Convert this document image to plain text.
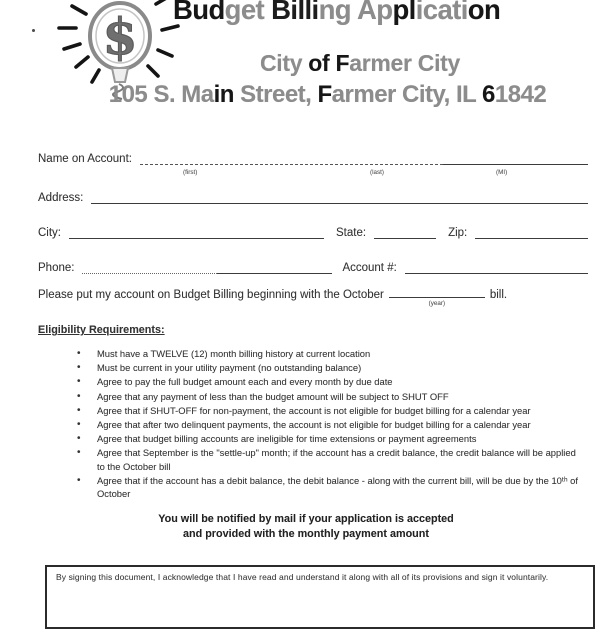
$ Budget Billing Application
City of Farmer City
105 S. Main Street, Farmer City, IL 61842
Name on Account:
(first)	(last)	(MI)
Address:
City:	State:	Zip:
Phone:	Account #:
Please put my account on Budget Billing beginning with the October
(year)
bill.
Eligibility Requirements:
• Must have a TWELVE (12) month billing history at current location
• Must be current in your utility payment (no outstanding balance)
• Agree to pay the full budget amount each and every month by due date
• Agree that any payment of less than the budget amount will be subject to SHUT OFF
• Agree that if SHUT-OFF for non-payment, the account is not eligible for budget billing for a calendar year
• Agree that after two delinquent payments, the account is not eligible for budget billing for a calendar year
• Agree that budget billing accounts are ineligible for time extensions or payment agreements
• Agree that September is the "settle-up" month; if the account has a credit balance, the credit balance will be applied to the October bill
• Agree that if the account has a debit balance, the debit balance - along with the current bill, will be due by the 10ᵗʰ of October
You will be notified by mail if your application is accepted
and provided with the monthly payment amount
By signing this document, I acknowledge that I have read and understand it along with all of its provisions and sign it voluntarily.
